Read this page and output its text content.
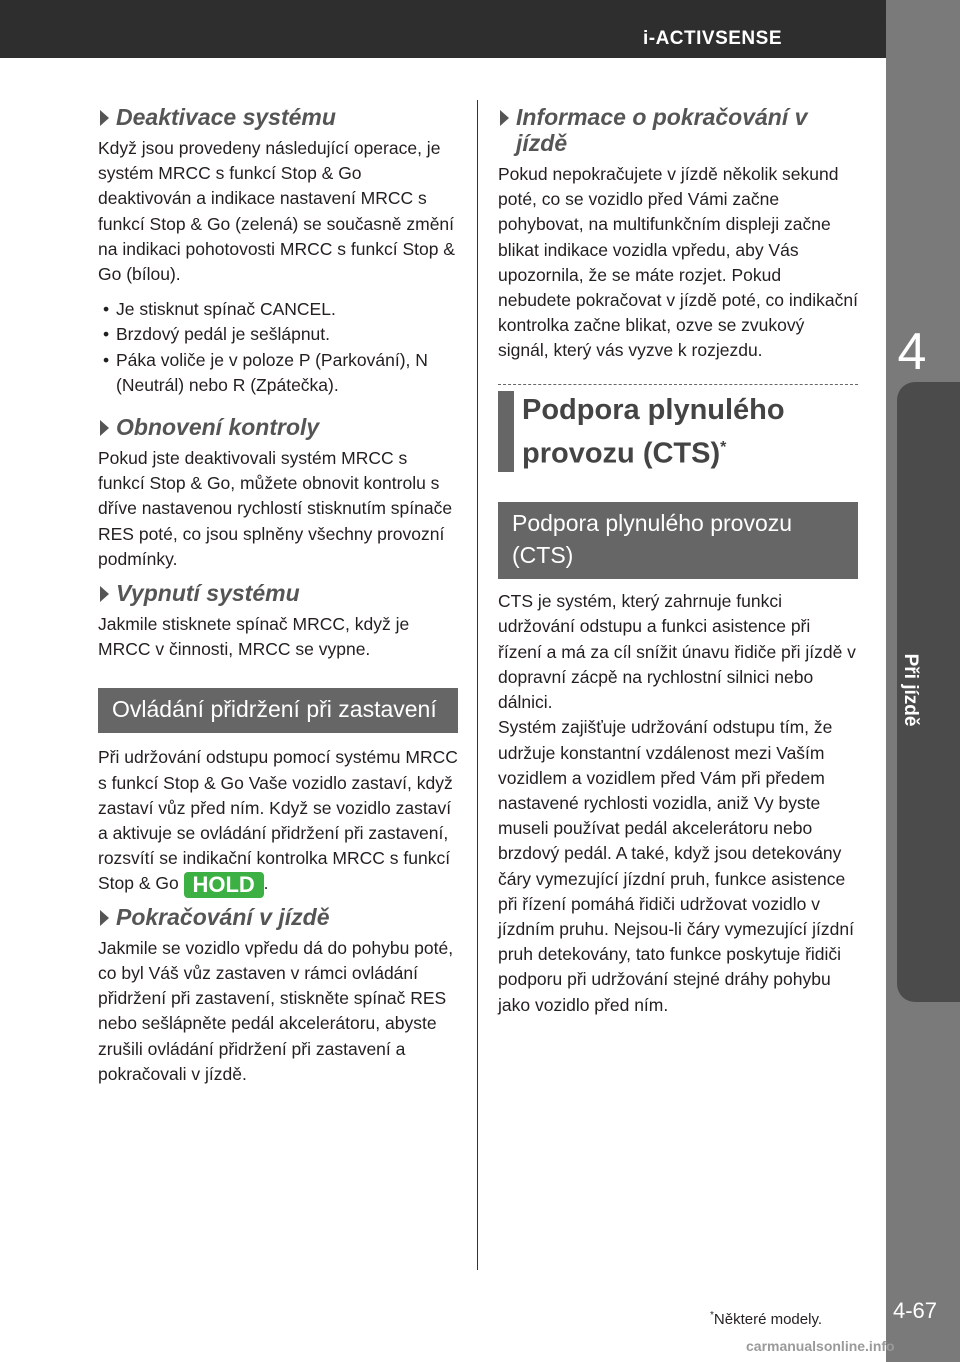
i-ACTIVSENSE
4
Při jízdě
4-67
Deaktivace systému

Když jsou provedeny následující operace, je systém MRCC s funkcí Stop & Go deaktivován a indikace nastavení MRCC s funkcí Stop & Go (zelená) se současně změní na indikaci pohotovosti MRCC s funkcí Stop & Go (bílou).

• Je stisknut spínač CANCEL.
• Brzdový pedál je sešlápnut.
• Páka voliče je v poloze P (Parkování), N (Neutrál) nebo R (Zpátečka).
Obnovení kontroly

Pokud jste deaktivovali systém MRCC s funkcí Stop & Go, můžete obnovit kontrolu s dříve nastavenou rychlostí stisknutím spínače RES poté, co jsou splněny všechny provozní podmínky.

Vypnutí systému

Jakmile stisknete spínač MRCC, když je MRCC v činnosti, MRCC se vypne.

Ovládání přidržení při zastavení

Při udržování odstupu pomocí systému MRCC s funkcí Stop & Go Vaše vozidlo zastaví, když zastaví vůz před ním. Když se vozidlo zastaví a aktivuje se ovládání přidržení při zastavení, rozsvítí se indikační kontrolka MRCC s funkcí Stop & Go HOLD .

Pokračování v jízdě

Jakmile se vozidlo vpředu dá do pohybu poté, co byl Váš vůz zastaven v rámci ovládání přidržení při zastavení, stiskněte spínač RES nebo sešlápněte pedál akcelerátoru, abyste zrušili ovládání přidržení při zastavení a pokračovali v jízdě.

Informace o pokračování v jízdě

Pokud nepokračujete v jízdě několik sekund poté, co se vozidlo před Vámi začne pohybovat, na multifunkčním displeji začne blikat indikace vozidla vpředu, aby Vás upozornila, že se máte rozjet. Pokud nebudete pokračovat v jízdě poté, co indikační kontrolka začne blikat, ozve se zvukový signál, který vás vyzve k rozjezdu.

Podpora plynulého provozu (CTS)*
Podpora plynulého provozu (CTS)

CTS je systém, který zahrnuje funkci udržování odstupu a funkci asistence při řízení a má za cíl snížit únavu řidiče při jízdě v dopravní zácpě na rychlostní silnici nebo dálnici.

Systém zajišťuje udržování odstupu tím, že udržuje konstantní vzdálenost mezi Vaším vozidlem a vozidlem před Vám při předem nastavené rychlosti vozidla, aniž Vy byste museli používat pedál akcelerátoru nebo brzdový pedál. A také, když jsou detekovány čáry vymezující jízdní pruh, funkce asistence při řízení pomáhá řidiči udržovat vozidlo v jízdním pruhu. Nejsou-li čáry vymezující jízdní pruh detekovány, tato funkce poskytuje řidiči podporu při udržování stejné dráhy pohybu jako vozidlo před ním.

*Některé modely.
carmanualsonline.info
